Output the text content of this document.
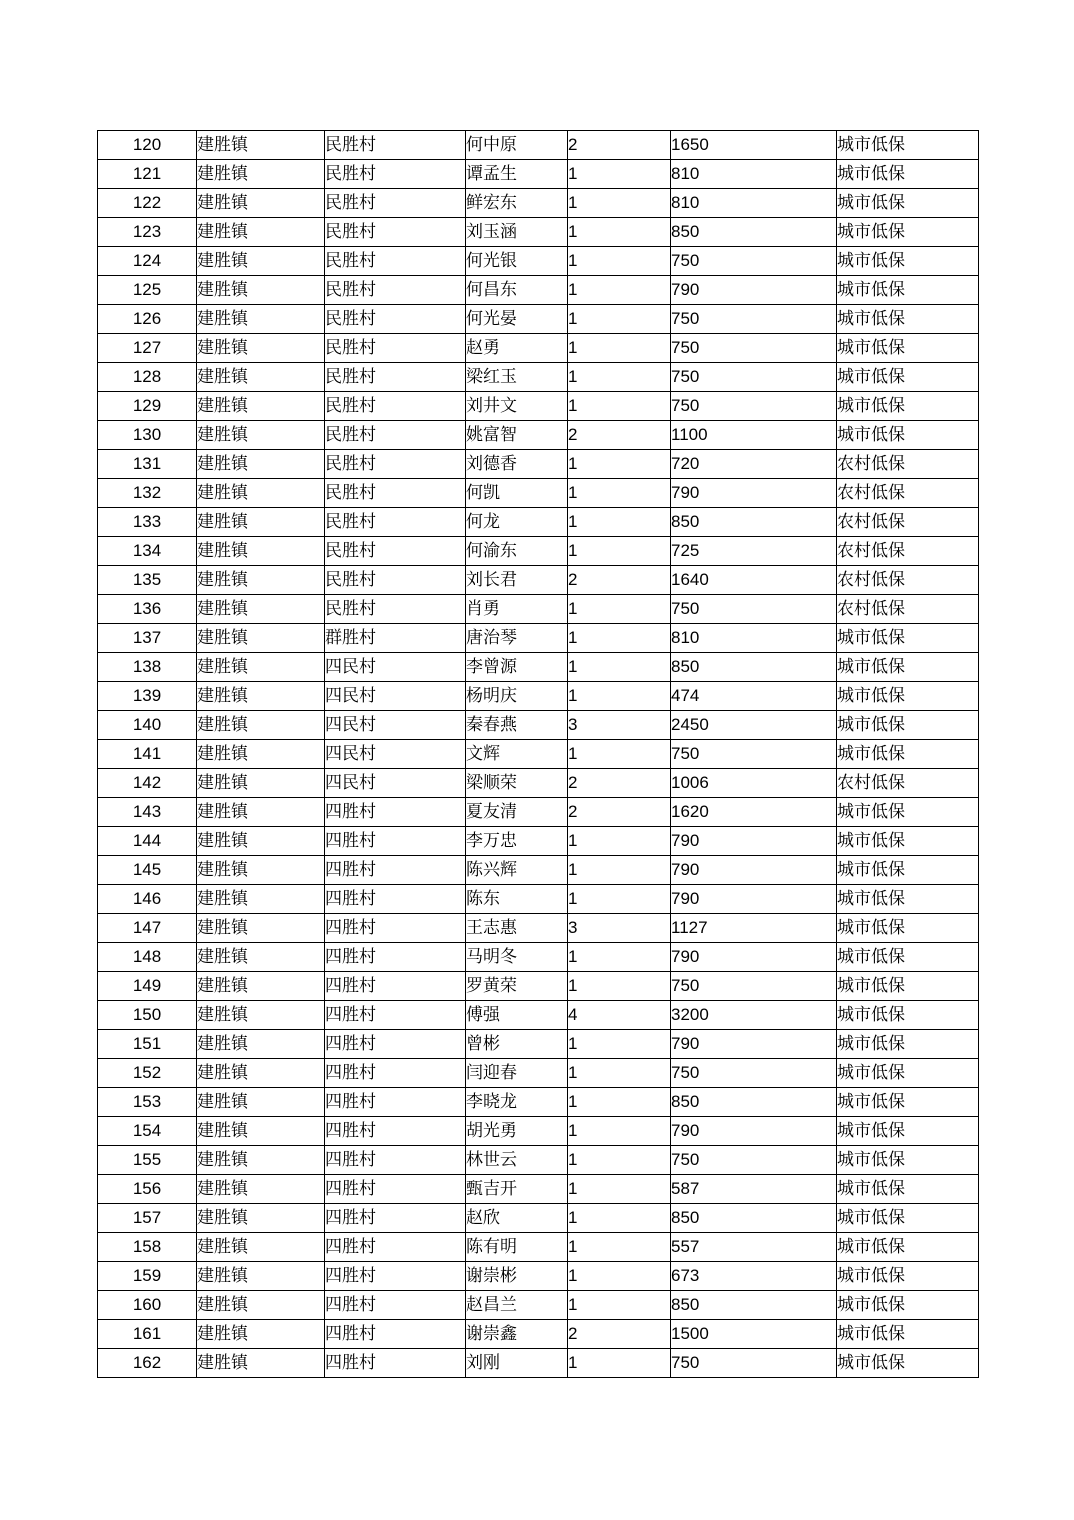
120	建胜镇	民胜村	何中原	2	1650	城市低保
121	建胜镇	民胜村	谭孟生	1	810	城市低保
122	建胜镇	民胜村	鲜宏东	1	810	城市低保
123	建胜镇	民胜村	刘玉涵	1	850	城市低保
124	建胜镇	民胜村	何光银	1	750	城市低保
125	建胜镇	民胜村	何昌东	1	790	城市低保
126	建胜镇	民胜村	何光晏	1	750	城市低保
127	建胜镇	民胜村	赵勇	1	750	城市低保
128	建胜镇	民胜村	梁红玉	1	750	城市低保
129	建胜镇	民胜村	刘井文	1	750	城市低保
130	建胜镇	民胜村	姚富智	2	1100	城市低保
131	建胜镇	民胜村	刘德香	1	720	农村低保
132	建胜镇	民胜村	何凯	1	790	农村低保
133	建胜镇	民胜村	何龙	1	850	农村低保
134	建胜镇	民胜村	何渝东	1	725	农村低保
135	建胜镇	民胜村	刘长君	2	1640	农村低保
136	建胜镇	民胜村	肖勇	1	750	农村低保
137	建胜镇	群胜村	唐治琴	1	810	城市低保
138	建胜镇	四民村	李曾源	1	850	城市低保
139	建胜镇	四民村	杨明庆	1	474	城市低保
140	建胜镇	四民村	秦春燕	3	2450	城市低保
141	建胜镇	四民村	文辉	1	750	城市低保
142	建胜镇	四民村	梁顺荣	2	1006	农村低保
143	建胜镇	四胜村	夏友清	2	1620	城市低保
144	建胜镇	四胜村	李万忠	1	790	城市低保
145	建胜镇	四胜村	陈兴辉	1	790	城市低保
146	建胜镇	四胜村	陈东	1	790	城市低保
147	建胜镇	四胜村	王志惠	3	1127	城市低保
148	建胜镇	四胜村	马明冬	1	790	城市低保
149	建胜镇	四胜村	罗黄荣	1	750	城市低保
150	建胜镇	四胜村	傅强	4	3200	城市低保
151	建胜镇	四胜村	曾彬	1	790	城市低保
152	建胜镇	四胜村	闫迎春	1	750	城市低保
153	建胜镇	四胜村	李晓龙	1	850	城市低保
154	建胜镇	四胜村	胡光勇	1	790	城市低保
155	建胜镇	四胜村	林世云	1	750	城市低保
156	建胜镇	四胜村	甄吉开	1	587	城市低保
157	建胜镇	四胜村	赵欣	1	850	城市低保
158	建胜镇	四胜村	陈有明	1	557	城市低保
159	建胜镇	四胜村	谢崇彬	1	673	城市低保
160	建胜镇	四胜村	赵昌兰	1	850	城市低保
161	建胜镇	四胜村	谢崇鑫	2	1500	城市低保
162	建胜镇	四胜村	刘刚	1	750	城市低保
